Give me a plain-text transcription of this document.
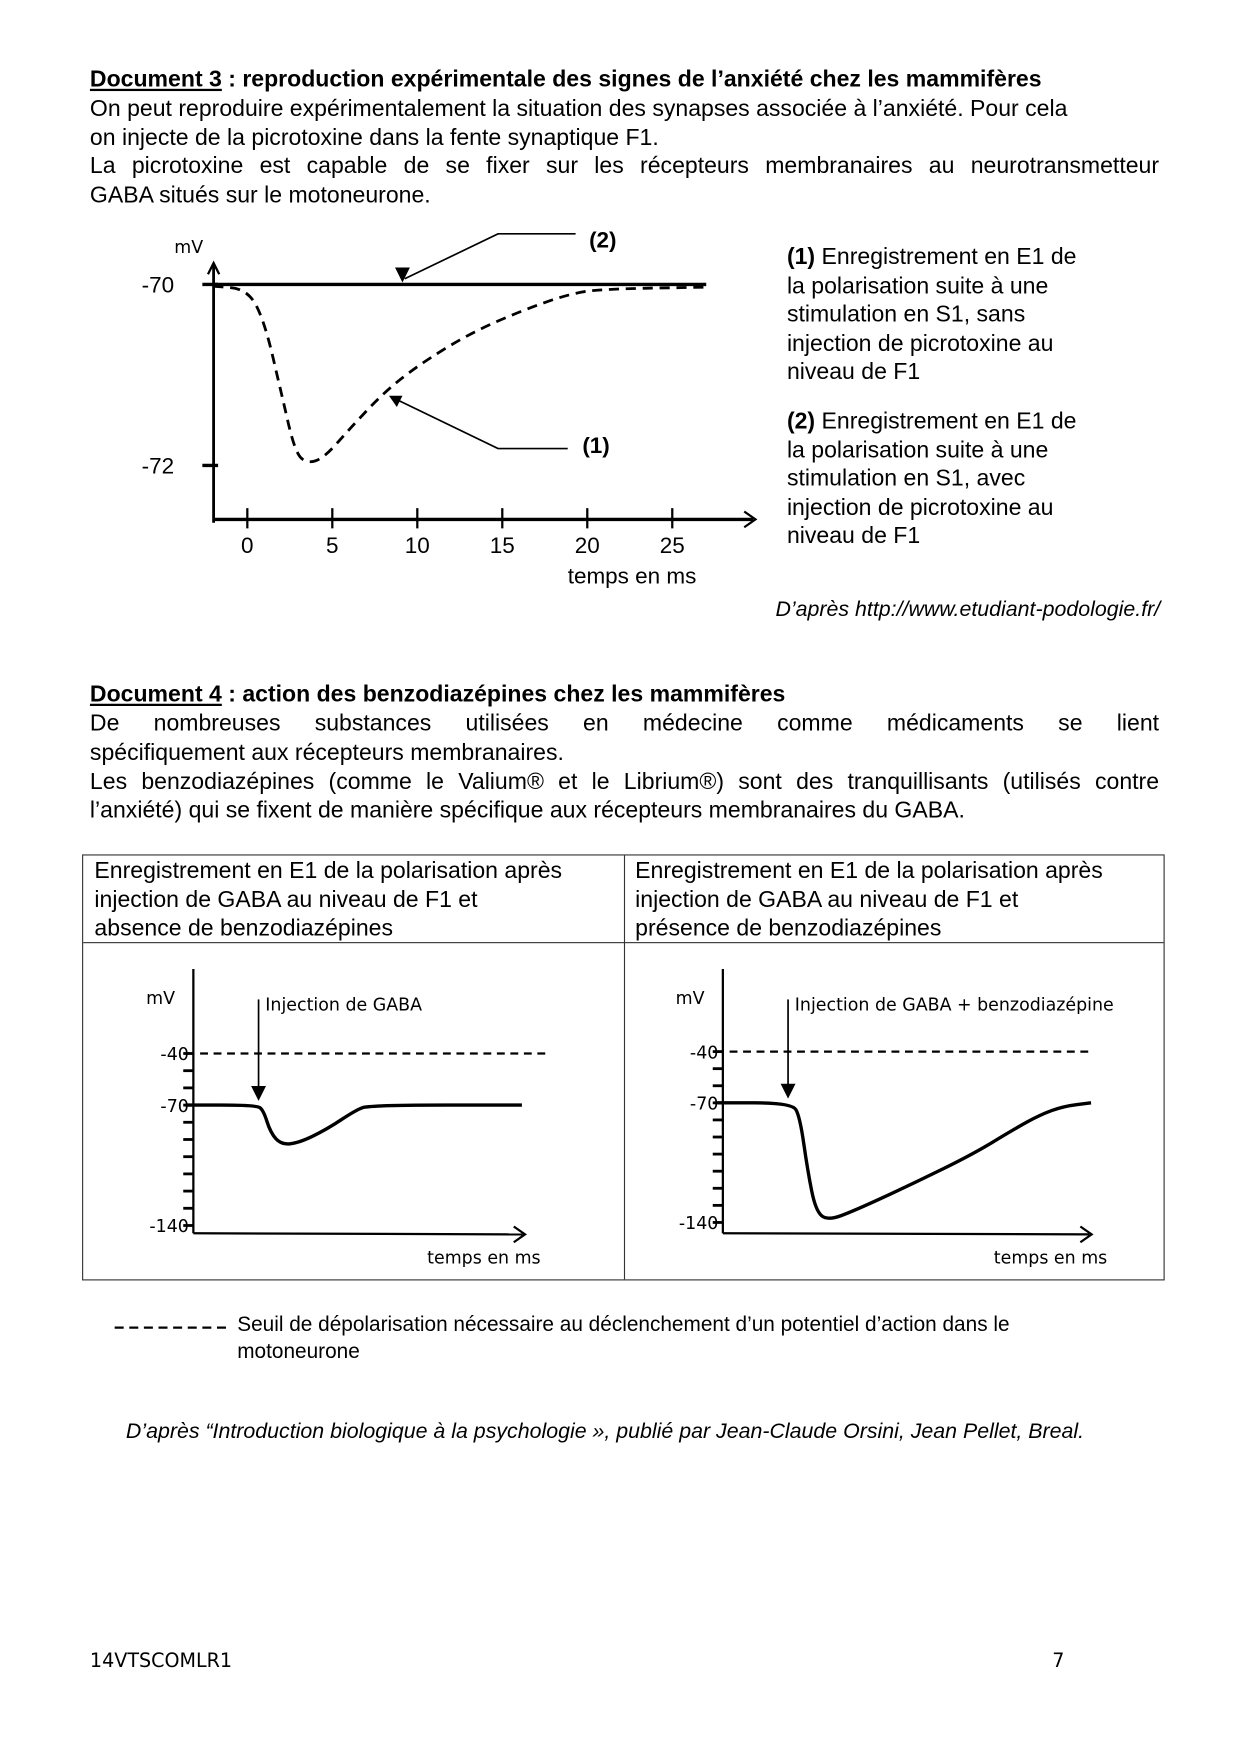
Document 3 : reproduction expérimentale des signes de l’anxiété chez les mammifères
On peut reproduire expérimentalement la situation des synapses associée à l’anxiété. Pour cela
on injecte de la picrotoxine dans la fente synaptique F1.
La picrotoxine est capable de se fixer sur les récepteurs membranaires au neurotransmetteur
GABA situés sur le motoneurone.
mV
-70
-72
0	5	10	15	20	25
temps en ms
(2)
(1)
(1) Enregistrement en E1 de
la polarisation suite à une
stimulation en S1, sans
injection de picrotoxine au
niveau de F1
(2) Enregistrement en E1 de
la polarisation suite à une
stimulation en S1, avec
injection de picrotoxine au
niveau de F1
D’après http://www.etudiant-podologie.fr/
Document 4 : action des benzodiazépines chez les mammifères
De nombreuses substances utilisées en médecine comme médicaments se lient
spécifiquement aux récepteurs membranaires.
Les benzodiazépines (comme le Valium® et le Librium®) sont des tranquillisants (utilisés contre
l’anxiété) qui se fixent de manière spécifique aux récepteurs membranaires du GABA.
Enregistrement en E1 de la polarisation après
injection de GABA au niveau de F1 et
absence de benzodiazépines
Enregistrement en E1 de la polarisation après
injection de GABA au niveau de F1 et
présence de benzodiazépines
mV
-40
-70
-140
Injection de GABA
temps en ms
mV
-40
-70
-140
Injection de GABA + benzodiazépine
temps en ms
Seuil de dépolarisation nécessaire au déclenchement d’un potentiel d’action dans le
motoneurone
D’après “Introduction biologique à la psychologie », publié par Jean-Claude Orsini, Jean Pellet, Breal.
14VTSCOMLR1	7
